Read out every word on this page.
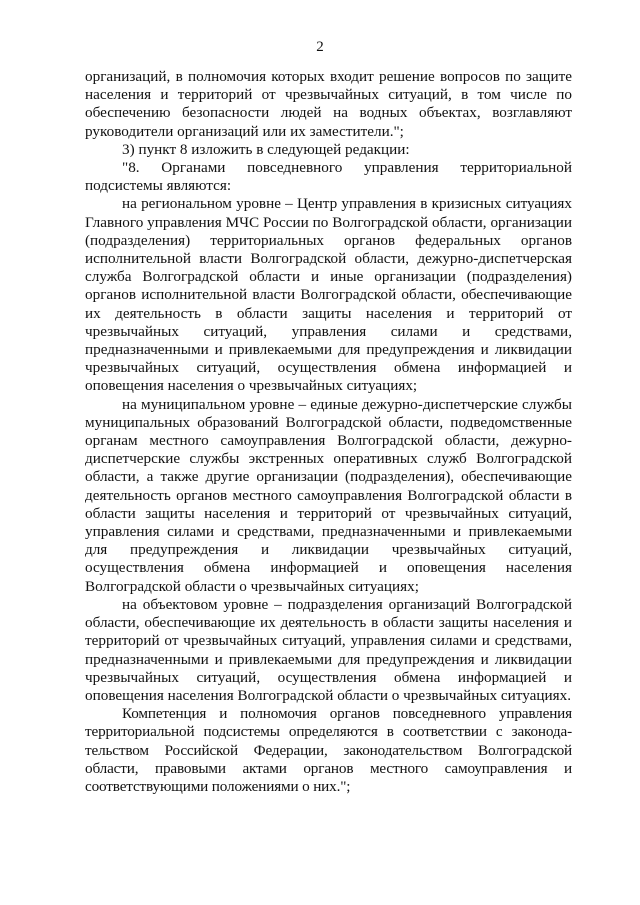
2

организаций, в полномочия которых входит решение вопросов по защите населения и территорий от чрезвычайных ситуаций, в том числе по обеспечению безопасности людей на водных объектах, возглавляют руководители организаций или их заместители.";

3) пункт 8 изложить в следующей редакции:

"8. Органами повседневного управления территориальной подсистемы являются:

на региональном уровне – Центр управления в кризисных ситуациях Главного управления МЧС России по Волгоградской области, организации (подразделения) территориальных органов федеральных органов исполнительной власти Волгоградской области, дежурно-диспетчерская служба Волгоградской области и иные организации (подразделения) органов исполнительной власти Волгоградской области, обеспечивающие их деятельность в области защиты населения и территорий от чрезвычайных ситуаций, управления силами и средствами, предназначенными и привлекаемыми для предупреждения и ликвидации чрезвычайных ситуаций, осуществления обмена информацией и оповещения населения о чрезвычайных ситуациях;

на муниципальном уровне – единые дежурно-диспетчерские службы муниципальных образований Волгоградской области, подведомственные органам местного самоуправления Волгоградской области, дежурно-диспетчерские службы экстренных оперативных служб Волгоградской области, а также другие организации (подразделения), обеспечивающие деятельность органов местного самоуправления Волгоградской области в области защиты населения и территорий от чрезвычайных ситуаций, управления силами и средствами, предназначенными и привлекаемыми для предупреждения и ликвидации чрезвычайных ситуаций, осуществления обмена информацией и оповещения населения Волгоградской области о чрезвычайных ситуациях;

на объектовом уровне – подразделения организаций Волгоградской области, обеспечивающие их деятельность в области защиты населения и территорий от чрезвычайных ситуаций, управления силами и средствами, предназначенными и привлекаемыми для предупреждения и ликвидации чрезвычайных ситуаций, осуществления обмена информацией и оповещения населения Волгоградской области о чрезвычайных ситуациях.

Компетенция и полномочия органов повседневного управления территориальной подсистемы определяются в соответствии с законода-тельством Российской Федерации, законодательством Волгоградской области, правовыми актами органов местного самоуправления и соответствующими положениями о них.";
